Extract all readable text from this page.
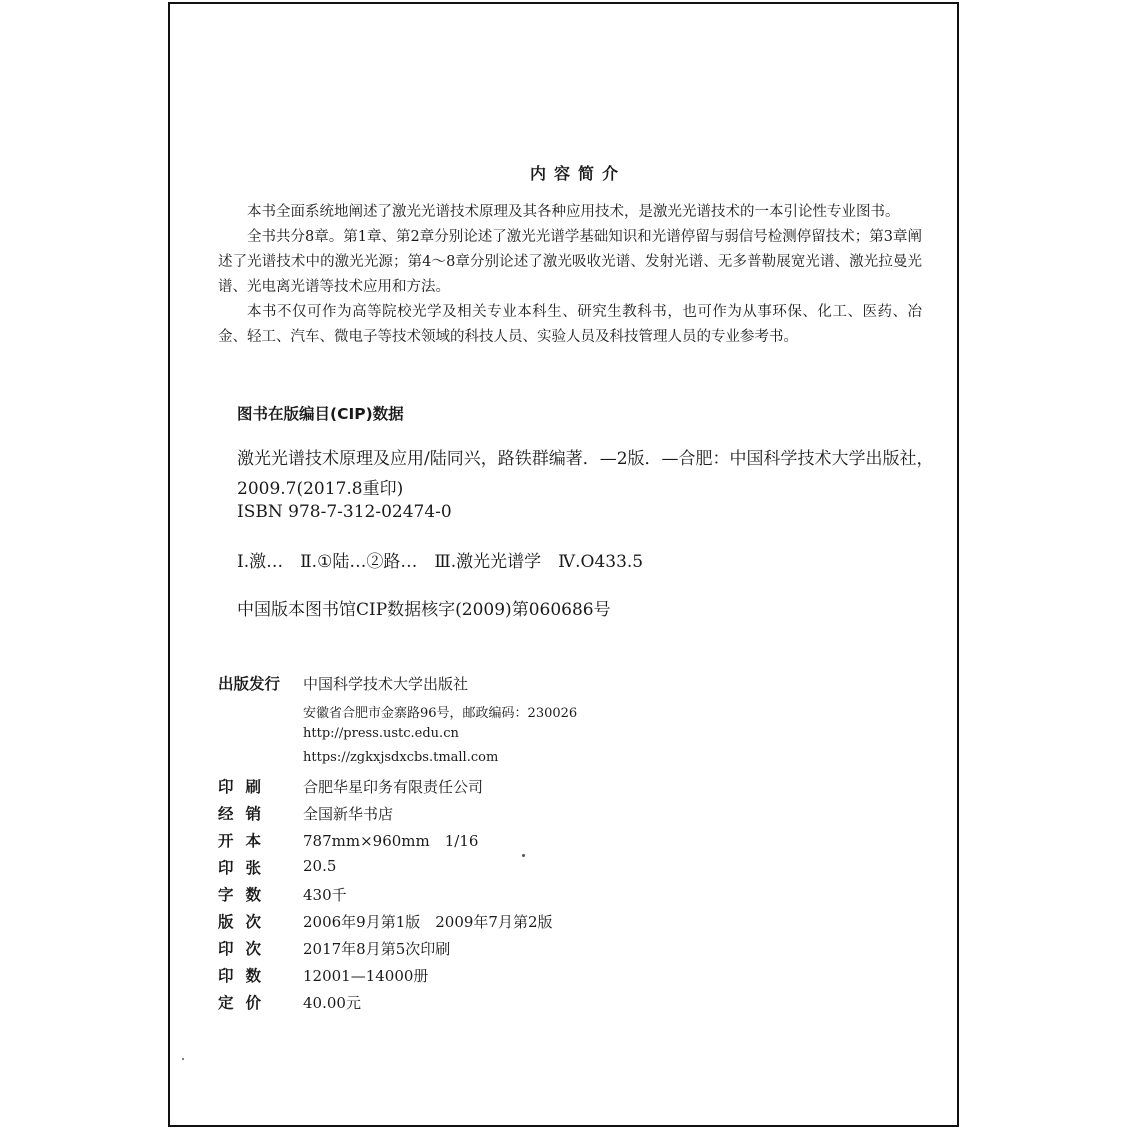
内容简介
本书全面系统地阐述了激光光谱技术原理及其各种应用技术，是激光光谱技术的一本引论性专业图书。
全书共分8章。第1章、第2章分别论述了激光光谱学基础知识和光谱停留与弱信号检测停留技术；第3章阐述了光谱技术中的激光光源；第4～8章分别论述了激光吸收光谱、发射光谱、无多普勒展宽光谱、激光拉曼光谱、光电离光谱等技术应用和方法。
本书不仅可作为高等院校光学及相关专业本科生、研究生教科书，也可作为从事环保、化工、医药、冶金、轻工、汽车、微电子等技术领域的科技人员、实验人员及科技管理人员的专业参考书。
图书在版编目(CIP)数据
激光光谱技术原理及应用/陆同兴，路铁群编著．—2版．—合肥：中国科学技术大学出版社，
2009.7(2017.8重印)
ISBN 978-7-312-02474-0
Ⅰ.激…　Ⅱ.①陆…②路…　Ⅲ.激光光谱学　Ⅳ.O433.5
中国版本图书馆CIP数据核字(2009)第060686号
出版发行 中国科学技术大学出版社
安徽省合肥市金寨路96号，邮政编码：230026
http://press.ustc.edu.cn
https://zgkxjsdxcbs.tmall.com
印 刷	合肥华星印务有限责任公司
经 销	全国新华书店
开 本	787mm×960mm　1/16
印 张	20.5
字 数	430千
版 次	2006年9月第1版　2009年7月第2版
印 次	2017年8月第5次印刷
印 数	12001—14000册
定 价	40.00元
